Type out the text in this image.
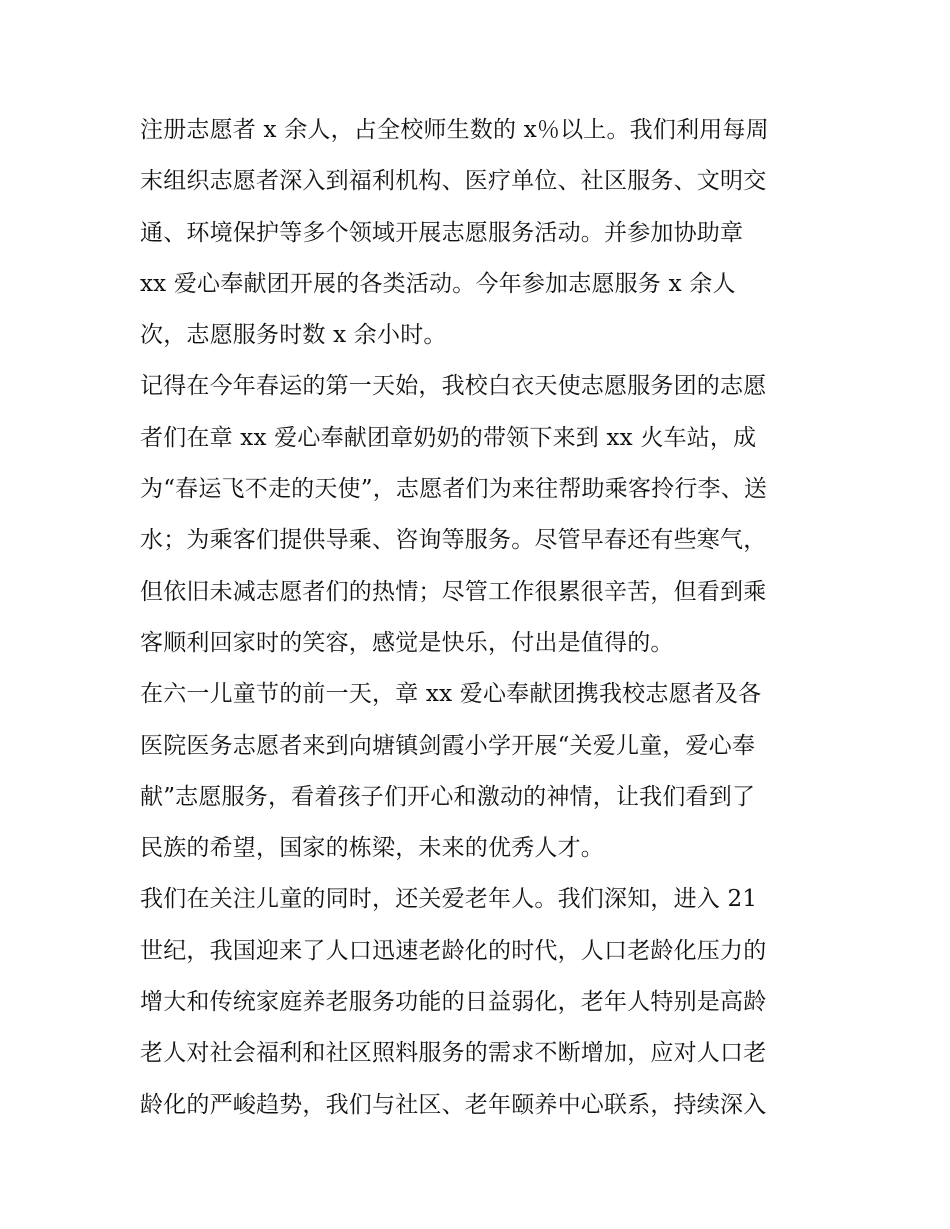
注册志愿者 x 余人，占全校师生数的 x％以上。我们利用每周
末组织志愿者深入到福利机构、医疗单位、社区服务、文明交
通、环境保护等多个领域开展志愿服务活动。并参加协助章
xx 爱心奉献团开展的各类活动。今年参加志愿服务 x 余人
次，志愿服务时数 x 余小时。
记得在今年春运的第一天始，我校白衣天使志愿服务团的志愿
者们在章 xx 爱心奉献团章奶奶的带领下来到 xx 火车站，成
为“春运飞不走的天使”，志愿者们为来往帮助乘客拎行李、送
水；为乘客们提供导乘、咨询等服务。尽管早春还有些寒气，
但依旧未减志愿者们的热情；尽管工作很累很辛苦，但看到乘
客顺利回家时的笑容，感觉是快乐，付出是值得的。
在六一儿童节的前一天，章 xx 爱心奉献团携我校志愿者及各
医院医务志愿者来到向塘镇剑霞小学开展“关爱儿童，爱心奉
献”志愿服务，看着孩子们开心和激动的神情，让我们看到了
民族的希望，国家的栋梁，未来的优秀人才。
我们在关注儿童的同时，还关爱老年人。我们深知，进入 21
世纪，我国迎来了人口迅速老龄化的时代，人口老龄化压力的
增大和传统家庭养老服务功能的日益弱化，老年人特别是高龄
老人对社会福利和社区照料服务的需求不断增加，应对人口老
龄化的严峻趋势，我们与社区、老年颐养中心联系，持续深入
